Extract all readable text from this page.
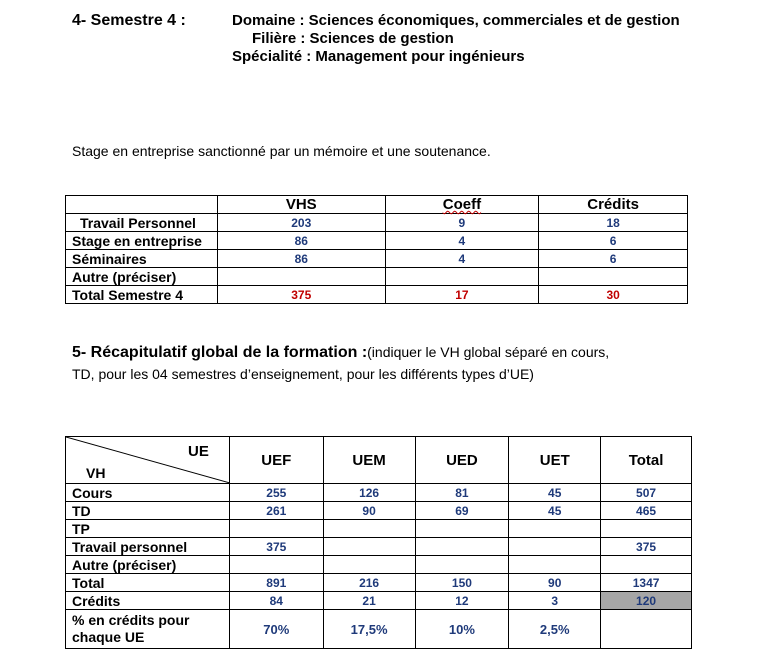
4- Semestre 4 :	Domaine : Sciences économiques, commerciales et de gestion
Filière : Sciences de gestion
Spécialité : Management pour ingénieurs
Stage en entreprise sanctionné par un mémoire et une soutenance.
	VHS	Coeff	Crédits
Travail Personnel	203	9	18
Stage en entreprise	86	4	6
Séminaires	86	4	6
Autre (préciser)			
Total Semestre 4	375	17	30
5- Récapitulatif global de la formation :(indiquer le VH global séparé en cours,
TD, pour les 04 semestres d’enseignement, pour les différents types d’UE)
UE
VH	UEF	UEM	UED	UET	Total
Cours	255	126	81	45	507
TD	261	90	69	45	465
TP					
Travail personnel	375				375
Autre (préciser)					
Total	891	216	150	90	1347
Crédits	84	21	12	3	120
% en crédits pour chaque UE	70%	17,5%	10%	2,5%	
